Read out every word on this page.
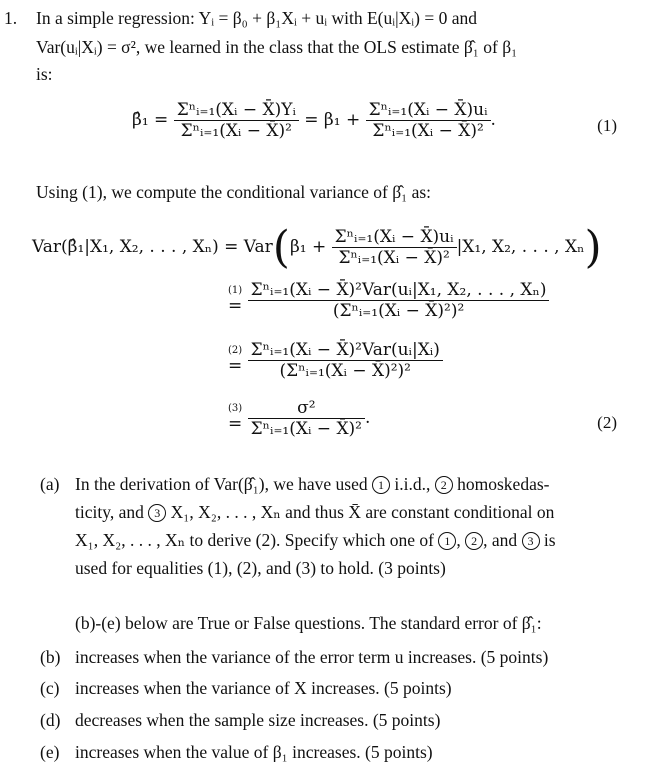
1. In a simple regression: Yᵢ = β₀ + β₁Xᵢ + uᵢ with E(uᵢ|Xᵢ) = 0 and
Var(uᵢ|Xᵢ) = σ², we learned in the class that the OLS estimate β̂₁ of β₁
is:
β̂₁ = $\frac{\text{Σⁿᵢ₌₁(Xᵢ − X̄)Yᵢ}}{\text{Σⁿᵢ₌₁(Xᵢ − X̄)²}} = \beta_1 + \frac{\text{Σⁿᵢ₌₁(Xᵢ − X̄)uᵢ}}{\text{Σⁿᵢ₌₁(Xᵢ − X̄)²}}$ .	(1)
Using (1), we compute the conditional variance of β̂₁ as:
Var(β̂₁|X₁, X₂, . . . , $X_n) = Var(\beta_1 + \frac{\text{Σⁿᵢ₌₁(Xᵢ − X̄)uᵢ}}{\text{Σⁿᵢ₌₁(Xᵢ − X̄)²}} |X_1$, X₂, . . . , Xₙ)
(1)
= $\frac{\text{Σⁿᵢ₌₁(Xᵢ − X̄)²Var(uᵢ|X₁, X₂, . . . , Xₙ)}}{\text{(Σⁿᵢ₌₁(Xᵢ − X̄)²)²}}$
(2)
= $\frac{\text{Σⁿᵢ₌₁(Xᵢ − X̄)²Var(uᵢ|Xᵢ)}}{\text{(Σⁿᵢ₌₁(Xᵢ − X̄)²)²}}$
(3)
= $\frac{\text{σ²}}{\text{Σⁿᵢ₌₁(Xᵢ − X̄)²}}$ .	(2)
(a) In the derivation of Var(β̂₁), we have used 1 i.i.d., 2 homoskedas-
ticity, and 3 X₁, X₂, . . . , Xₙ and thus X̄ are constant conditional on
X₁, X₂, . . . , Xₙ to derive (2). Specify which one of 1 , 2 , and 3 is
used for equalities (1), (2), and (3) to hold. (3 points)
(b)-(e) below are True or False questions. The standard error of β̂₁:
(b) increases when the variance of the error term u increases. (5 points)
(c) increases when the variance of X increases. (5 points)
(d) decreases when the sample size increases. (5 points)
(e) increases when the value of β₁ increases. (5 points)
